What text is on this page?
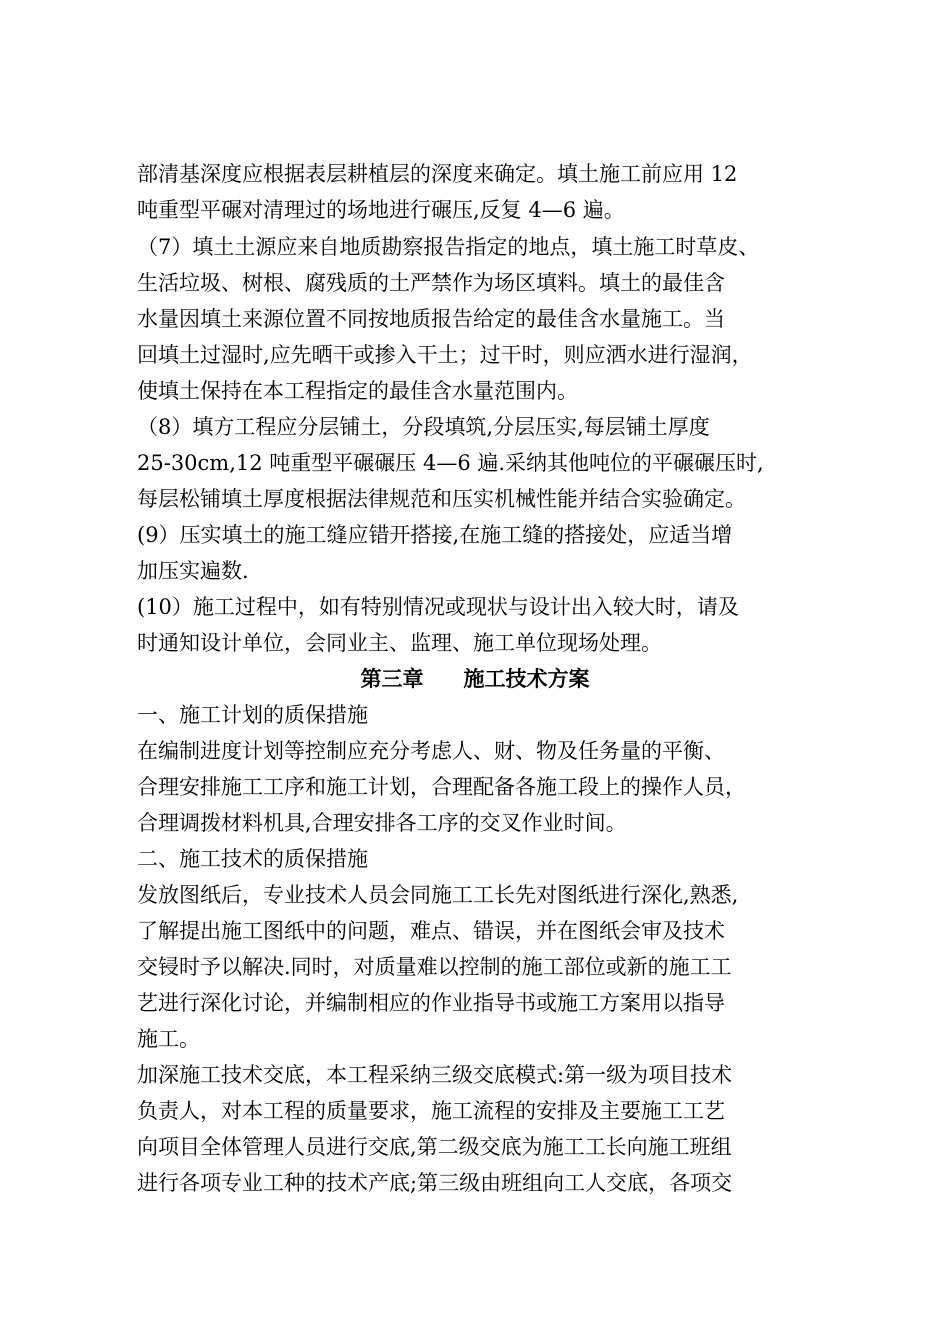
部清基深度应根据表层耕植层的深度来确定。填土施工前应用 12
吨重型平碾对清理过的场地进行碾压,反复 4—6 遍。
（7）填土土源应来自地质勘察报告指定的地点，填土施工时草皮、
生活垃圾、树根、腐残质的土严禁作为场区填料。填土的最佳含
水量因填土来源位置不同按地质报告给定的最佳含水量施工。当
回填土过湿时,应先晒干或掺入干土；过干时，则应洒水进行湿润，
使填土保持在本工程指定的最佳含水量范围内。
（8）填方工程应分层铺土，分段填筑,分层压实,每层铺土厚度
25-30cm,12 吨重型平碾碾压 4—6 遍.采纳其他吨位的平碾碾压时,
每层松铺填土厚度根据法律规范和压实机械性能并结合实验确定。
(9）压实填土的施工缝应错开搭接,在施工缝的搭接处，应适当增
加压实遍数.
(10）施工过程中，如有特别情况或现状与设计出入较大时，请及
时通知设计单位，会同业主、监理、施工单位现场处理。
第三章 施工技术方案
一、施工计划的质保措施
在编制进度计划等控制应充分考虑人、财、物及任务量的平衡、
合理安排施工工序和施工计划，合理配备各施工段上的操作人员，
合理调拨材料机具,合理安排各工序的交叉作业时间。
二、施工技术的质保措施
发放图纸后，专业技术人员会同施工工长先对图纸进行深化,熟悉,
了解提出施工图纸中的问题，难点、错误，并在图纸会审及技术
交锓时予以解决.同时，对质量难以控制的施工部位或新的施工工
艺进行深化讨论，并编制相应的作业指导书或施工方案用以指导
施工。
加深施工技术交底，本工程采纳三级交底模式:第一级为项目技术
负责人，对本工程的质量要求，施工流程的安排及主要施工工艺
向项目全体管理人员进行交底,第二级交底为施工工长向施工班组
进行各项专业工种的技术产底;第三级由班组向工人交底，各项交
